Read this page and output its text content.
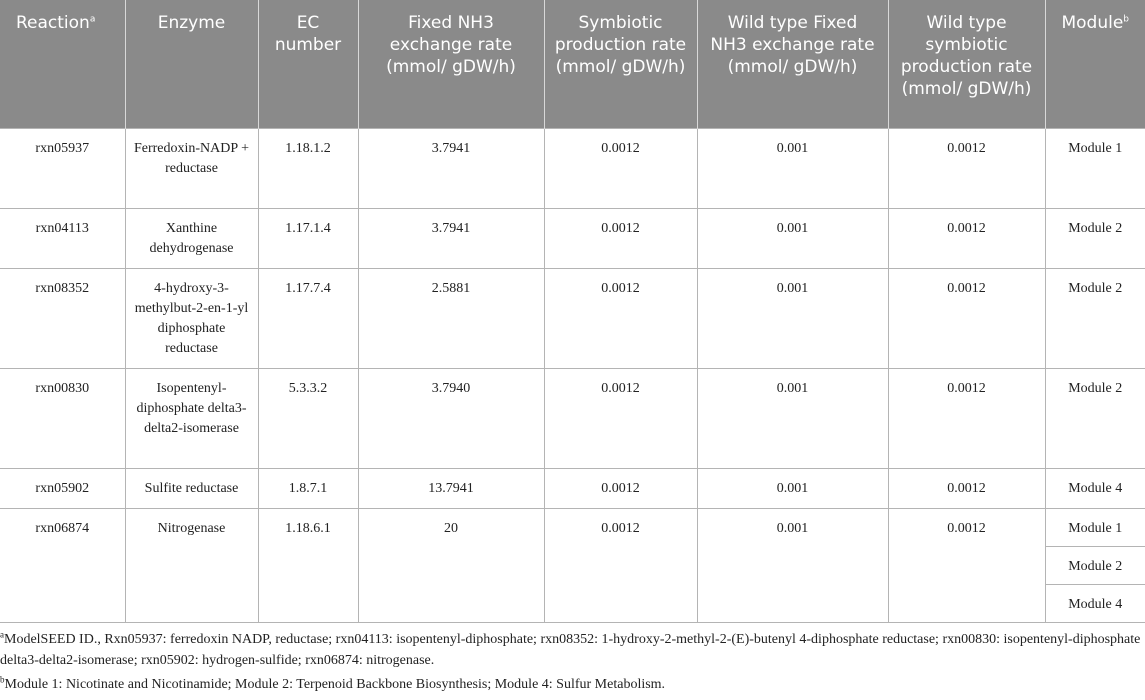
Reaction$^a$	Enzyme	EC number	Fixed NH3 exchange rate (mmol/ gDW/h)	Symbiotic production rate (mmol/ gDW/h)	Wild type Fixed NH3 exchange rate (mmol/ gDW/h)	Wild type symbiotic production rate (mmol/ gDW/h)	Module$^b$
rxn05937	Ferredoxin-NADP + reductase	1.18.1.2	3.7941	0.0012	0.001	0.0012	Module 1
rxn04113	Xanthine dehydrogenase	1.17.1.4	3.7941	0.0012	0.001	0.0012	Module 2
rxn08352	4-hydroxy-3-methylbut-2-en-1-yl diphosphate reductase	1.17.7.4	2.5881	0.0012	0.001	0.0012	Module 2
rxn00830	Isopentenyl-diphosphate delta3-delta2-isomerase	5.3.3.2	3.7940	0.0012	0.001	0.0012	Module 2
rxn05902	Sulfite reductase	1.8.7.1	13.7941	0.0012	0.001	0.0012	Module 4
rxn06874	Nitrogenase	1.18.6.1	20	0.0012	0.001	0.0012	Module 1
							Module 2
							Module 4

$^a$ModelSEED ID., Rxn05937: ferredoxin NADP, reductase; rxn04113: isopentenyl-diphosphate; rxn08352: 1-hydroxy-2-methyl-2-(E)-butenyl 4-diphosphate reductase; rxn00830: isopentenyl-diphosphate delta3-delta2-isomerase; rxn05902: hydrogen-sulfide; rxn06874: nitrogenase.

$^b$Module 1: Nicotinate and Nicotinamide; Module 2: Terpenoid Backbone Biosynthesis; Module 4: Sulfur Metabolism.
